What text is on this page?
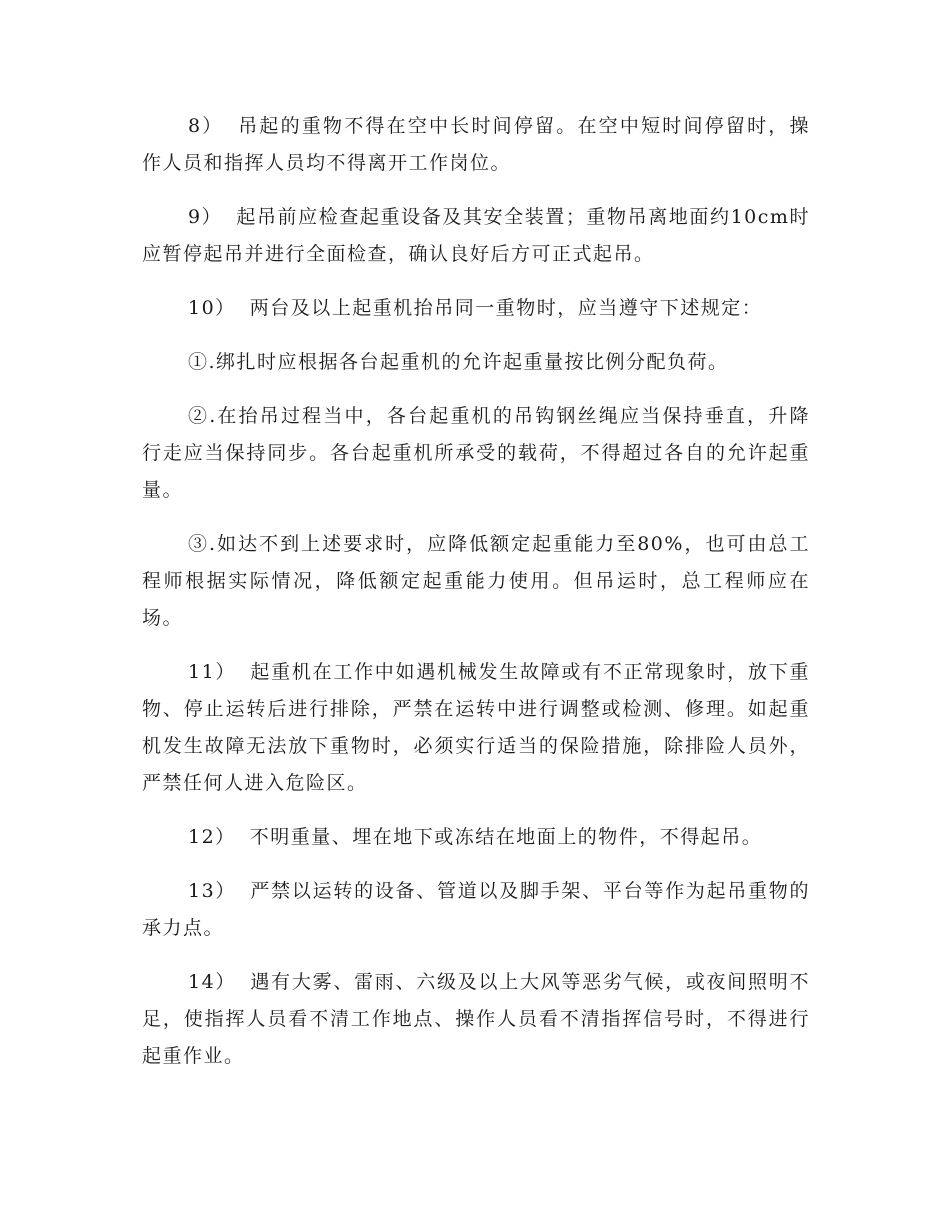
8） 吊起的重物不得在空中长时间停留。在空中短时间停留时，操作人员和指挥人员均不得离开工作岗位。

9） 起吊前应检查起重设备及其安全装置；重物吊离地面约10cm时应暂停起吊并进行全面检查，确认良好后方可正式起吊。

10） 两台及以上起重机抬吊同一重物时，应当遵守下述规定：

①.绑扎时应根据各台起重机的允许起重量按比例分配负荷。

②.在抬吊过程当中，各台起重机的吊钩钢丝绳应当保持垂直，升降行走应当保持同步。各台起重机所承受的载荷，不得超过各自的允许起重量。

③.如达不到上述要求时，应降低额定起重能力至80%，也可由总工程师根据实际情况，降低额定起重能力使用。但吊运时，总工程师应在场。

11） 起重机在工作中如遇机械发生故障或有不正常现象时，放下重物、停止运转后进行排除，严禁在运转中进行调整或检测、修理。如起重机发生故障无法放下重物时，必须实行适当的保险措施，除排险人员外，严禁任何人进入危险区。

12） 不明重量、埋在地下或冻结在地面上的物件，不得起吊。

13） 严禁以运转的设备、管道以及脚手架、平台等作为起吊重物的承力点。

14） 遇有大雾、雷雨、六级及以上大风等恶劣气候，或夜间照明不足，使指挥人员看不清工作地点、操作人员看不清指挥信号时，不得进行起重作业。
